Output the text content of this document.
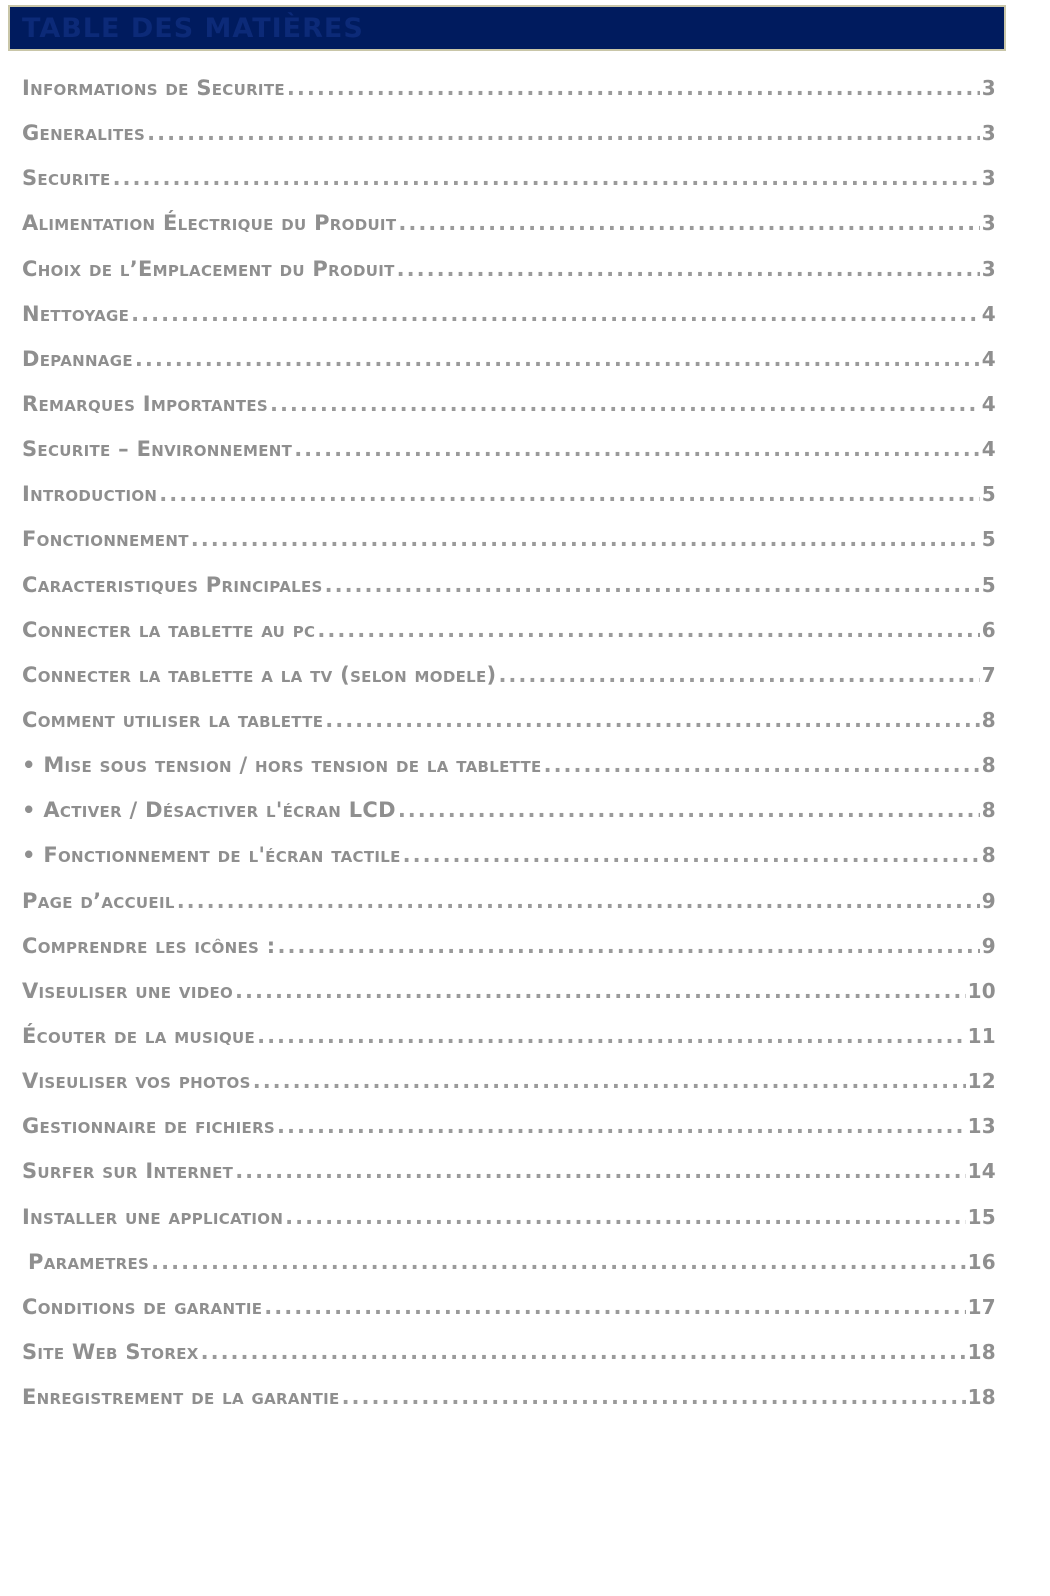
TABLE DES MATIÈRES
Informations de Securite .....	3
Generalites .....	3
Securite .....	3
Alimentation Électrique du Produit .....	3
Choix de l’Emplacement du Produit .....	3
Nettoyage .....	4
Depannage .....	4
Remarques Importantes .....	4
Securite – Environnement .....	4
Introduction .....	5
Fonctionnement .....	5
Caracteristiques Principales .....	5
Connecter la tablette au pc .....	6
Connecter la tablette a la tv (selon modele) .....	7
Comment utiliser la tablette .....	8
• Mise sous tension / hors tension de la tablette .....	8
• Activer / Désactiver l'écran LCD .....	8
• Fonctionnement de l'écran tactile .....	8
Page d’accueil .....	9
Comprendre les icônes : .....	9
Viseuliser une video .....	10
Écouter de la musique .....	11
Viseuliser vos photos .....	12
Gestionnaire de fichiers .....	13
Surfer sur Internet .....	14
Installer une application .....	15
Parametres .....	16
Conditions de garantie .....	17
Site Web Storex .....	18
Enregistrement de la garantie .....	18
